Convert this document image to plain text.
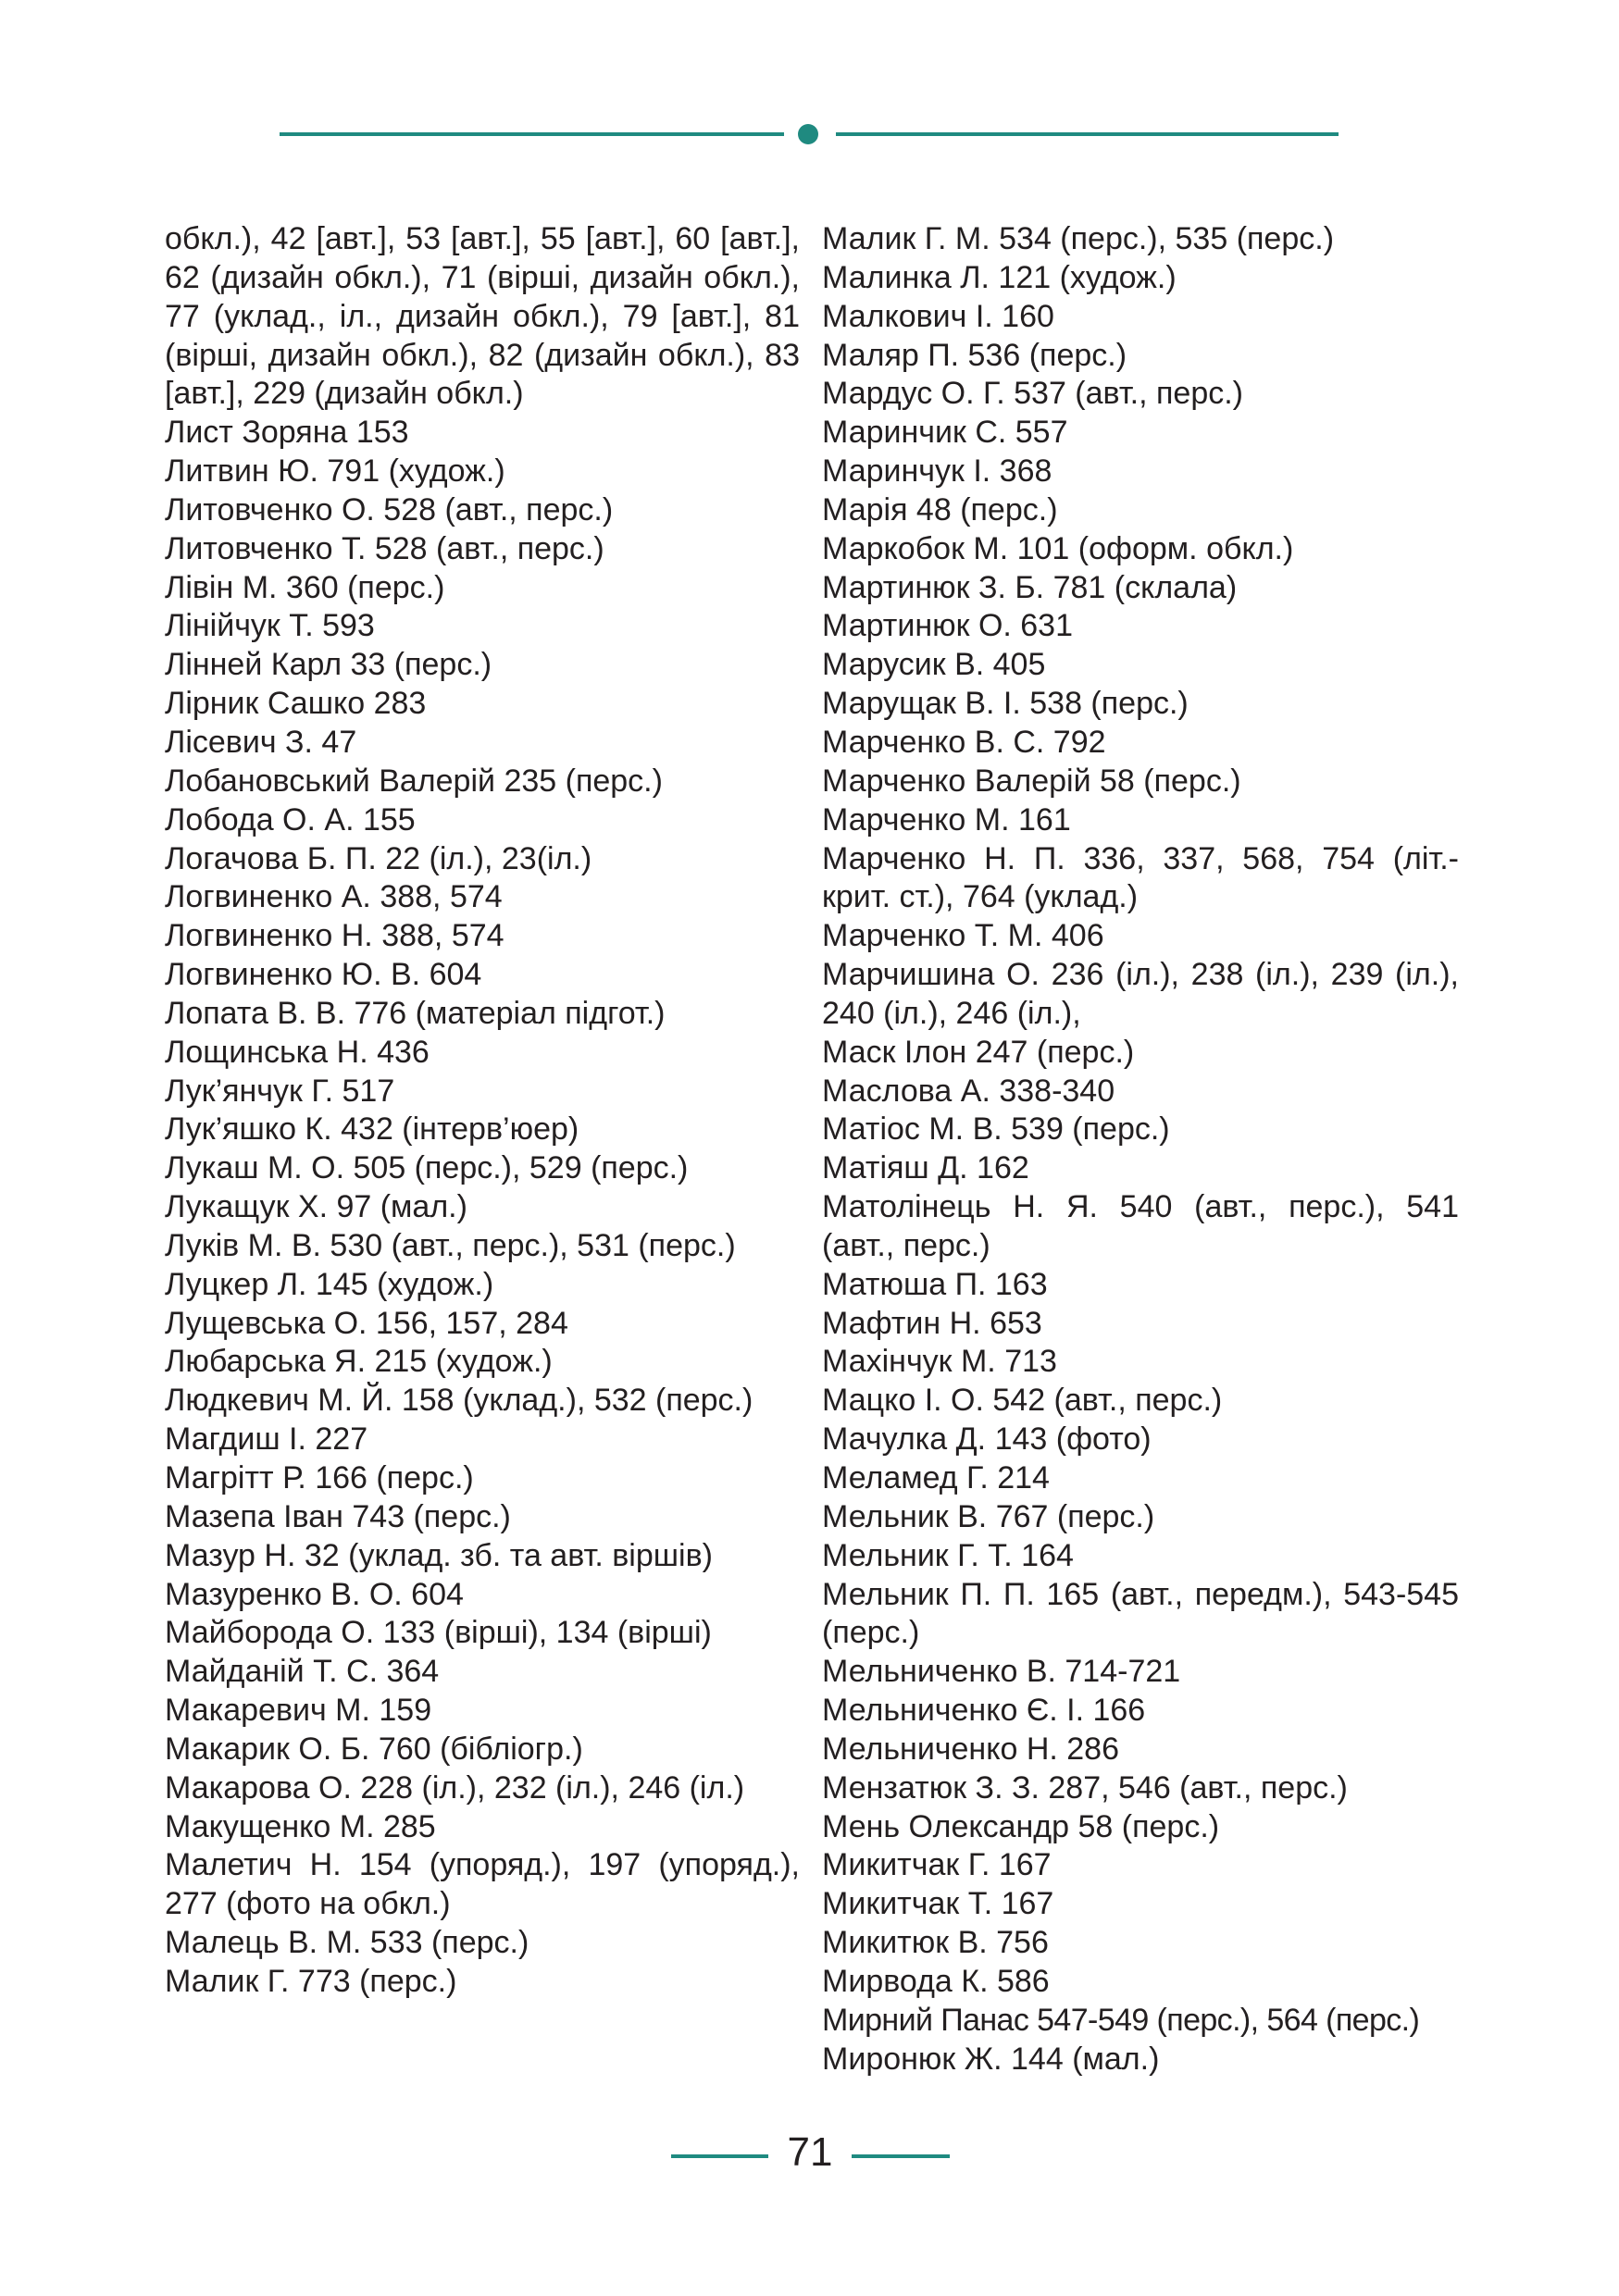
обкл.), 42 [авт.], 53 [авт.], 55 [авт.], 60 [авт.], 62 (дизайн обкл.), 71 (вірші, дизайн обкл.), 77 (уклад., іл., дизайн обкл.), 79 [авт.], 81 (вірші, дизайн обкл.), 82 (дизайн обкл.), 83 [авт.], 229 (дизайн обкл.)

Лист Зоряна 153

Литвин Ю. 791 (худож.)

Литовченко О. 528 (авт., перс.)

Литовченко Т. 528 (авт., перс.)

Лівін М. 360 (перс.)

Лінійчук Т. 593

Лінней Карл 33 (перс.)

Лірник Сашко 283

Лісевич З. 47

Лобановський Валерій 235 (перс.)

Лобода О. А. 155

Логачова Б. П. 22 (іл.), 23(іл.)

Логвиненко А. 388, 574

Логвиненко Н. 388, 574

Логвиненко Ю. В. 604

Лопата В. В. 776 (матеріал підгот.)

Лощинська Н. 436

Лук’янчук Г. 517

Лук’яшко К. 432 (інтерв’юер)

Лукаш М. О. 505 (перс.), 529 (перс.)

Лукащук Х. 97 (мал.)

Луків М. В. 530 (авт., перс.), 531 (перс.)

Луцкер Л. 145 (худож.)

Лущевська О. 156, 157, 284

Любарська Я. 215 (худож.)

Людкевич М. Й. 158 (уклад.), 532 (перс.)

Магдиш І. 227

Магрітт Р. 166 (перс.)

Мазепа Іван 743 (перс.)

Мазур Н. 32 (уклад. зб. та авт. віршів)

Мазуренко В. О. 604

Майборода О. 133 (вірші), 134 (вірші)

Майданій Т. С. 364

Макаревич М. 159

Макарик О. Б. 760 (бібліогр.)

Макарова О. 228 (іл.), 232 (іл.), 246 (іл.)

Макущенко М. 285

Малетич Н. 154 (упоряд.), 197 (упоряд.), 277 (фото на обкл.)

Малець В. М. 533 (перс.)

Малик Г. 773 (перс.)

Малик Г. М. 534 (перс.), 535 (перс.)

Малинка Л. 121 (худож.)

Малкович І. 160

Маляр П. 536 (перс.)

Мардус О. Г. 537 (авт., перс.)

Маринчик С. 557

Маринчук І. 368

Марія 48 (перс.)

Маркобок М. 101 (оформ. обкл.)

Мартинюк З. Б. 781 (склала)

Мартинюк О. 631

Марусик В. 405

Марущак В. І. 538 (перс.)

Марченко В. С. 792

Марченко Валерій 58 (перс.)

Марченко М. 161

Марченко Н. П. 336, 337, 568, 754 (літ.-крит. ст.), 764 (уклад.)

Марченко Т. М. 406

Марчишина О. 236 (іл.), 238 (іл.), 239 (іл.), 240 (іл.), 246 (іл.),

Маск Ілон 247 (перс.)

Маслова А. 338-340

Матіос М. В. 539 (перс.)

Матіяш Д. 162

Матолінець Н. Я. 540 (авт., перс.), 541 (авт., перс.)

Матюша П. 163

Мафтин Н. 653

Махінчук М. 713

Мацко І. О. 542 (авт., перс.)

Мачулка Д. 143 (фото)

Меламед Г. 214

Мельник В. 767 (перс.)

Мельник Г. Т. 164

Мельник П. П. 165 (авт., передм.), 543-545 (перс.)

Мельниченко В. 714-721

Мельниченко Є. І. 166

Мельниченко Н. 286

Мензатюк З. З. 287, 546 (авт., перс.)

Мень Олександр 58 (перс.)

Микитчак Г. 167

Микитчак Т. 167

Микитюк В. 756

Мирвода К. 586

Мирний Панас 547-549 (перс.), 564 (перс.)

Миронюк Ж. 144 (мал.)

71
